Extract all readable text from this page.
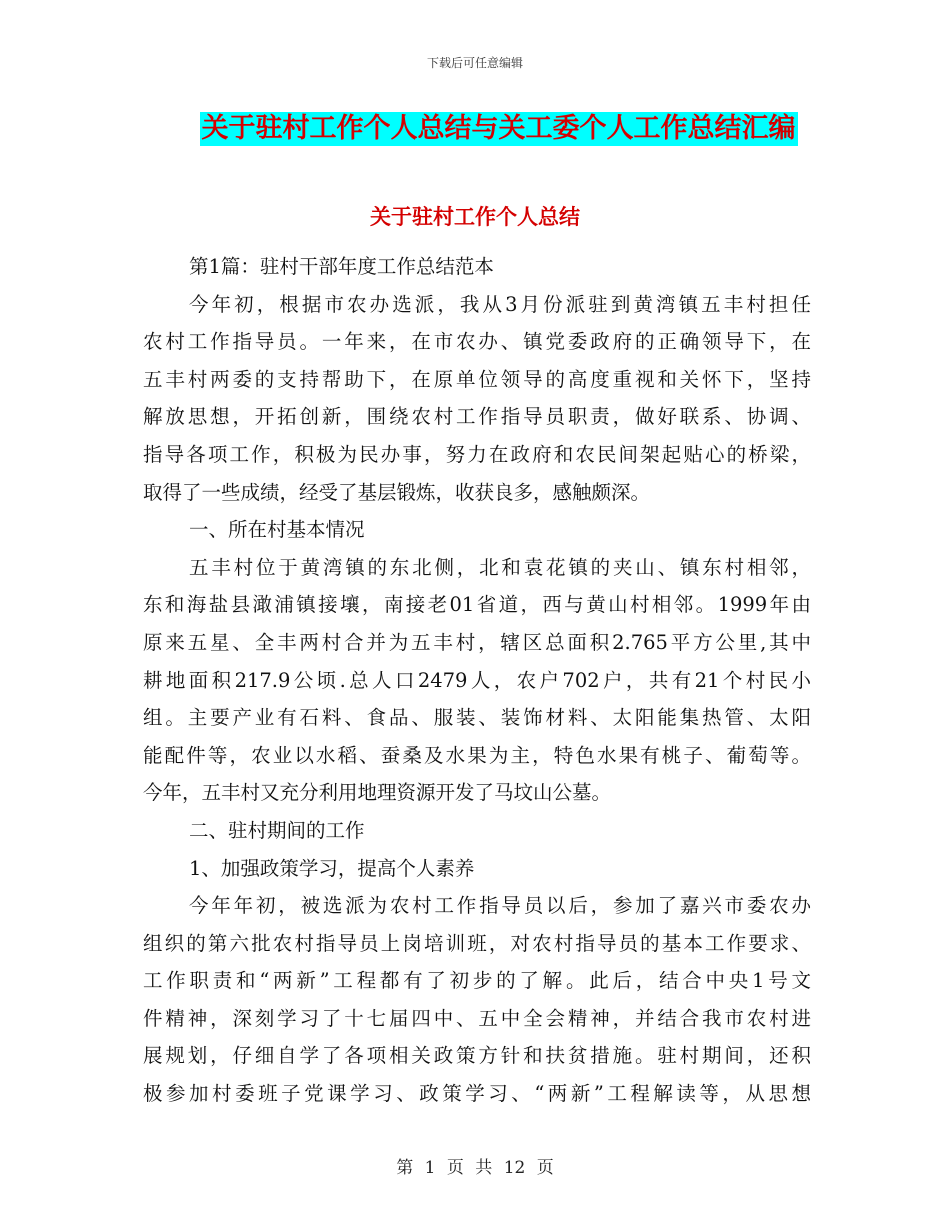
下载后可任意编辑
关于驻村工作个人总结与关工委个人工作总结汇编
关于驻村工作个人总结
第1篇：驻村干部年度工作总结范本
今年初，根据市农办选派，我从3月份派驻到黄湾镇五丰村担任
农村工作指导员。一年来，在市农办、镇党委政府的正确领导下，在
五丰村两委的支持帮助下，在原单位领导的高度重视和关怀下，坚持
解放思想，开拓创新，围绕农村工作指导员职责，做好联系、协调、
指导各项工作，积极为民办事，努力在政府和农民间架起贴心的桥梁，
取得了一些成绩，经受了基层锻炼，收获良多，感触颇深。
一、所在村基本情况
五丰村位于黄湾镇的东北侧，北和袁花镇的夹山、镇东村相邻，
东和海盐县澉浦镇接壤，南接老01省道，西与黄山村相邻。1999年由
原来五星、全丰两村合并为五丰村，辖区总面积2.765平方公里,其中
耕地面积217.9公顷.总人口2479人，农户702户，共有21个村民小
组。主要产业有石料、食品、服装、装饰材料、太阳能集热管、太阳
能配件等，农业以水稻、蚕桑及水果为主，特色水果有桃子、葡萄等。
今年，五丰村又充分利用地理资源开发了马坟山公墓。
二、驻村期间的工作
1、加强政策学习，提高个人素养
今年年初，被选派为农村工作指导员以后，参加了嘉兴市委农办
组织的第六批农村指导员上岗培训班，对农村指导员的基本工作要求、
工作职责和“两新”工程都有了初步的了解。此后，结合中央1号文
件精神，深刻学习了十七届四中、五中全会精神，并结合我市农村进
展规划，仔细自学了各项相关政策方针和扶贫措施。驻村期间，还积
极参加村委班子党课学习、政策学习、“两新”工程解读等，从思想
第 1 页 共 12 页
